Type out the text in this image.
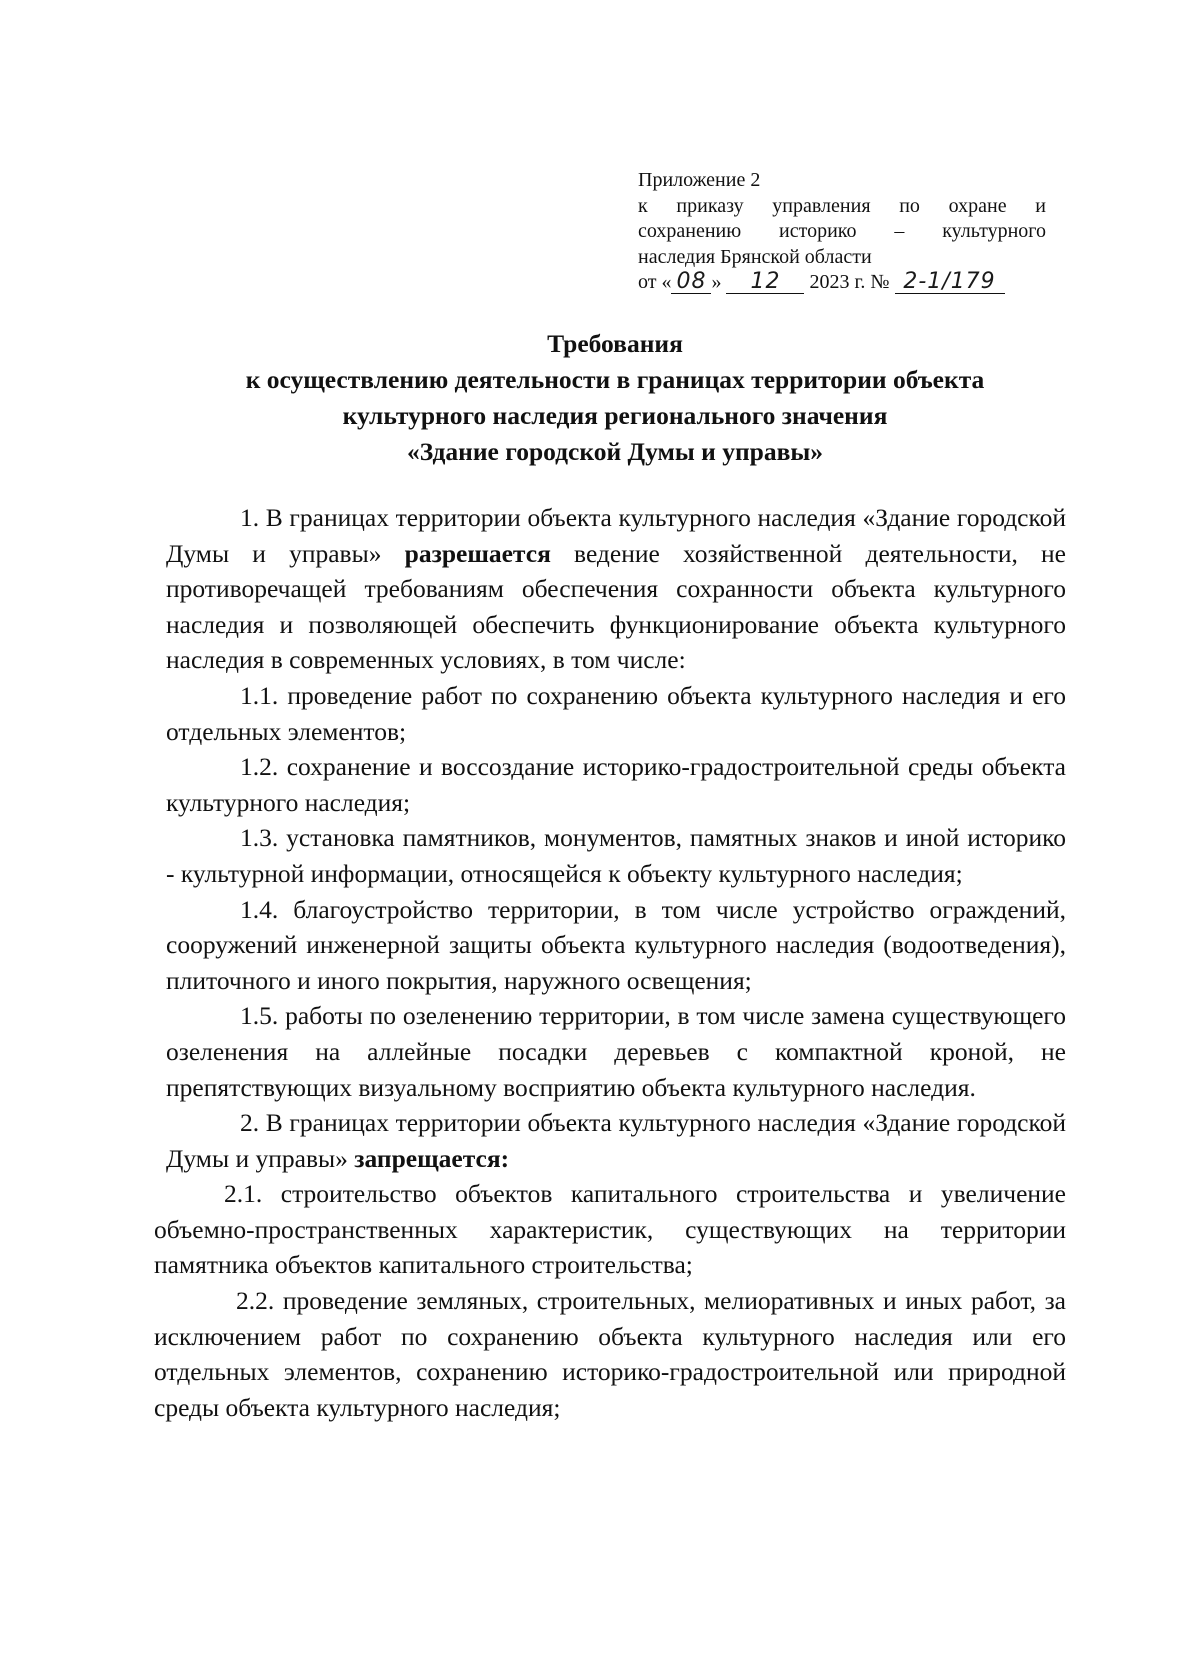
Приложение 2
к приказу управления по охране и
сохранению историко – культурного
наследия Брянской области
от « 08 » 12 2023 г. № 2-1/179
Требования
к осуществлению деятельности в границах территории объекта
культурного наследия регионального значения
«Здание городской Думы и управы»

1. В границах территории объекта культурного наследия «Здание городской Думы и управы» разрешается ведение хозяйственной деятельности, не противоречащей требованиям обеспечения сохранности объекта культурного наследия и позволяющей обеспечить функционирование объекта культурного наследия в современных условиях, в том числе:

1.1. проведение работ по сохранению объекта культурного наследия и его отдельных элементов;

1.2. сохранение и воссоздание историко-градостроительной среды объекта культурного наследия;

1.3. установка памятников, монументов, памятных знаков и иной историко - культурной информации, относящейся к объекту культурного наследия;

1.4. благоустройство территории, в том числе устройство ограждений, сооружений инженерной защиты объекта культурного наследия (водоотведения), плиточного и иного покрытия, наружного освещения;

1.5. работы по озеленению территории, в том числе замена существующего озеленения на аллейные посадки деревьев с компактной кроной, не препятствующих визуальному восприятию объекта культурного наследия.

2. В границах территории объекта культурного наследия «Здание городской Думы и управы» запрещается:

2.1. строительство объектов капитального строительства и увеличение объемно-пространственных характеристик, существующих на территории памятника объектов капитального строительства;

2.2. проведение земляных, строительных, мелиоративных и иных работ, за исключением работ по сохранению объекта культурного наследия или его отдельных элементов, сохранению историко-градостроительной или природной среды объекта культурного наследия;
